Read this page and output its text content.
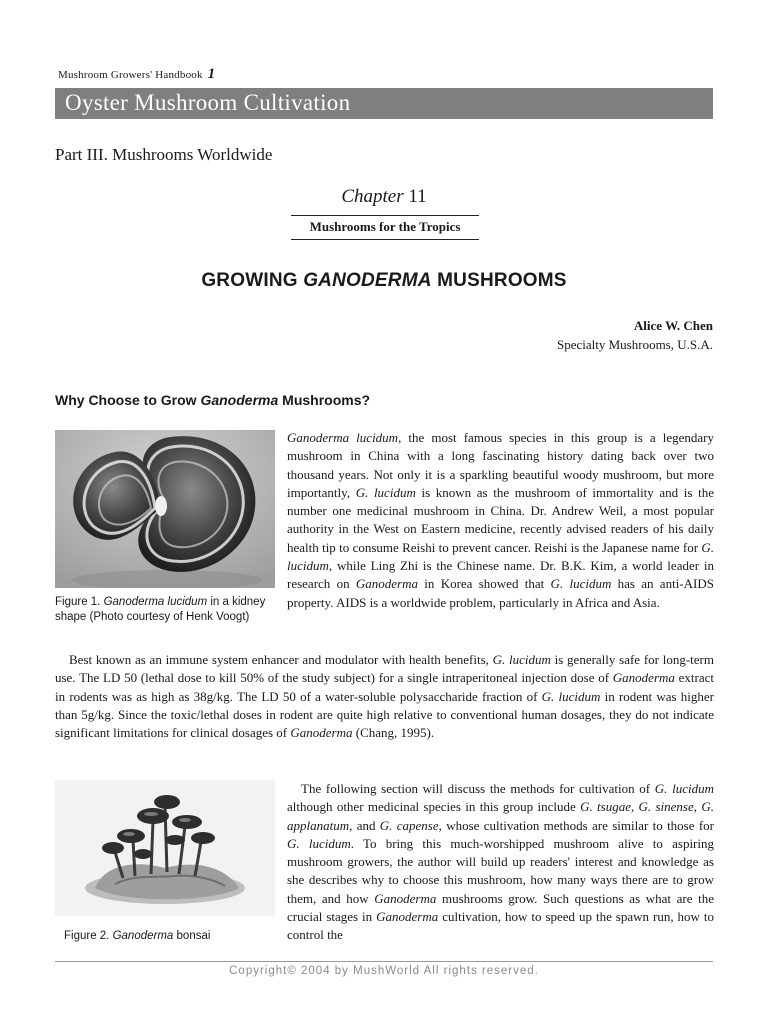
Mushroom Growers' Handbook 1
Oyster Mushroom Cultivation
Part III. Mushrooms Worldwide
Chapter 11
Mushrooms for the Tropics
GROWING GANODERMA MUSHROOMS
Alice W. Chen
Specialty Mushrooms, U.S.A.
Why Choose to Grow Ganoderma Mushrooms?
Figure 1. Ganoderma lucidum in a kidney shape (Photo courtesy of Henk Voogt)
Ganoderma lucidum, the most famous species in this group is a legendary mushroom in China with a long fascinating history dating back over two thousand years. Not only it is a sparkling beautiful woody mushroom, but more importantly, G. lucidum is known as the mushroom of immortality and is the number one medicinal mushroom in China. Dr. Andrew Weil, a most popular authority in the West on Eastern medicine, recently advised readers of his daily health tip to consume Reishi to prevent cancer. Reishi is the Japanese name for G. lucidum, while Ling Zhi is the Chinese name. Dr. B.K. Kim, a world leader in research on Ganoderma in Korea showed that G. lucidum has an anti-AIDS property. AIDS is a worldwide problem, particularly in Africa and Asia.
Best known as an immune system enhancer and modulator with health benefits, G. lucidum is generally safe for long-term use. The LD 50 (lethal dose to kill 50% of the study subject) for a single intraperitoneal injection dose of Ganoderma extract in rodents was as high as 38g/kg. The LD 50 of a water-soluble polysaccharide fraction of G. lucidum in rodent was higher than 5g/kg. Since the toxic/lethal doses in rodent are quite high relative to conventional human dosages, they do not indicate significant limitations for clinical dosages of Ganoderma (Chang, 1995).
Figure 2. Ganoderma bonsai
The following section will discuss the methods for cultivation of G. lucidum although other medicinal species in this group include G. tsugae, G. sinense, G. applanatum, and G. capense, whose cultivation methods are similar to those for G. lucidum. To bring this much-worshipped mushroom alive to aspiring mushroom growers, the author will build up readers' interest and knowledge as she describes why to choose this mushroom, how many ways there are to grow them, and how Ganoderma mushrooms grow. Such questions as what are the crucial stages in Ganoderma cultivation, how to speed up the spawn run, how to control the
Copyright© 2004 by MushWorld All rights reserved.
